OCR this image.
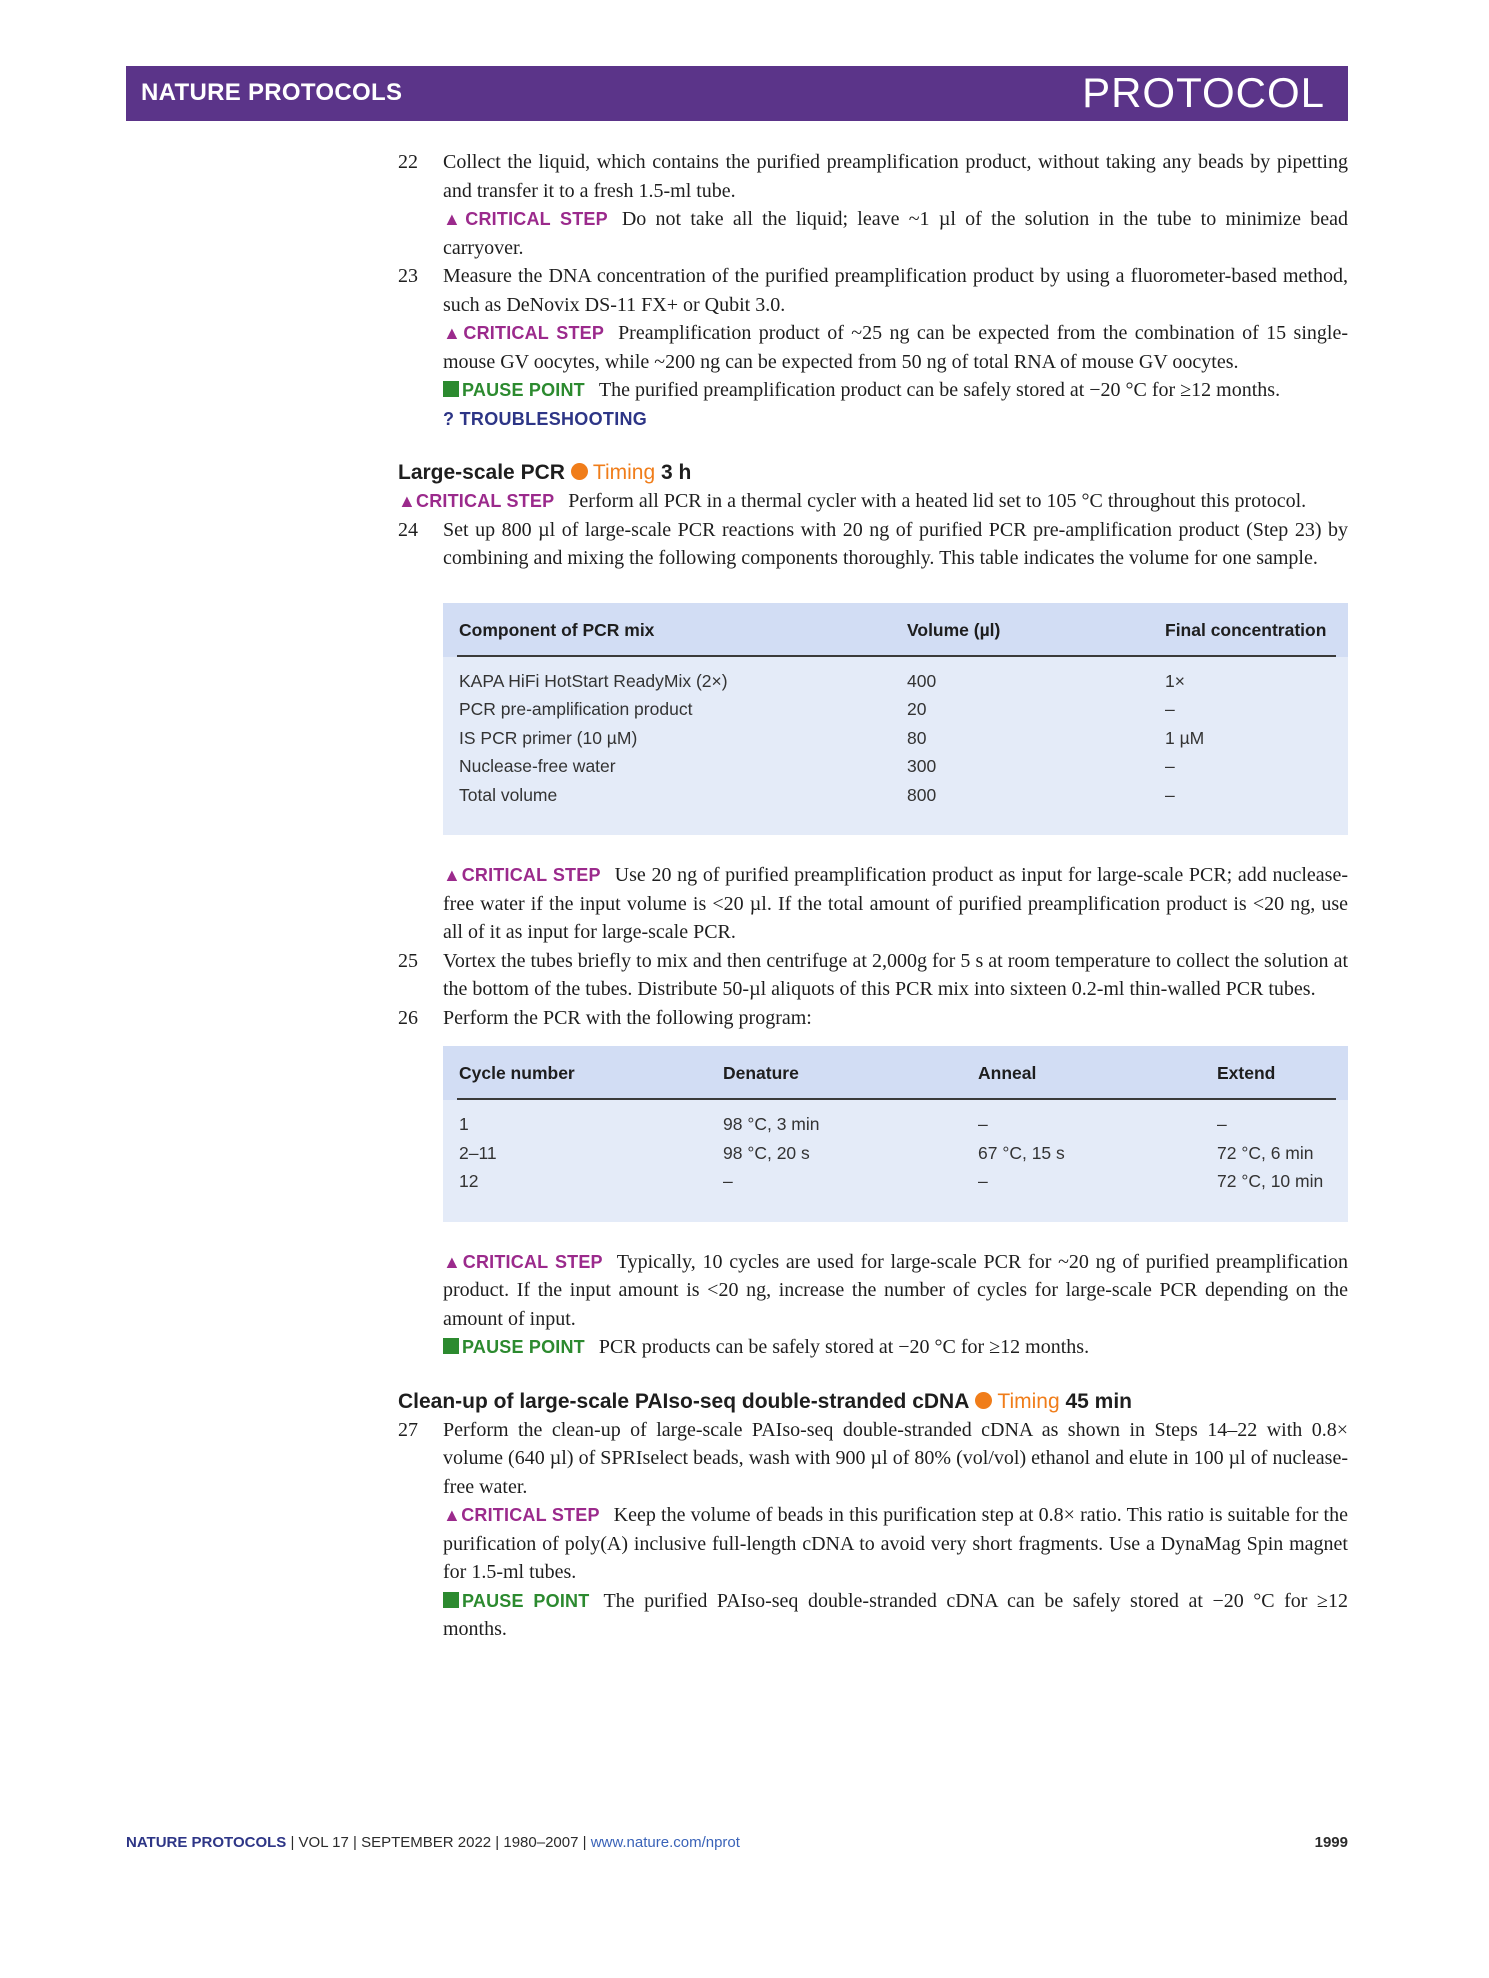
NATURE PROTOCOLS	PROTOCOL
22 Collect the liquid, which contains the purified preamplification product, without taking any beads by pipetting and transfer it to a fresh 1.5-ml tube.
▲CRITICAL STEP Do not take all the liquid; leave ~1 µl of the solution in the tube to minimize bead carryover.
23 Measure the DNA concentration of the purified preamplification product by using a fluorometer-based method, such as DeNovix DS-11 FX+ or Qubit 3.0.
▲CRITICAL STEP Preamplification product of ~25 ng can be expected from the combination of 15 single-mouse GV oocytes, while ~200 ng can be expected from 50 ng of total RNA of mouse GV oocytes.
PAUSE POINT The purified preamplification product can be safely stored at −20 °C for ≥12 months.
? TROUBLESHOOTING
Large-scale PCR Timing 3 h
▲CRITICAL STEP Perform all PCR in a thermal cycler with a heated lid set to 105 °C throughout this protocol.
24 Set up 800 µl of large-scale PCR reactions with 20 ng of purified PCR pre-amplification product (Step 23) by combining and mixing the following components thoroughly. This table indicates the volume for one sample.
Component of PCR mix	Volume (µl)	Final concentration
KAPA HiFi HotStart ReadyMix (2×)	400	1×
PCR pre-amplification product	20	–
IS PCR primer (10 µM)	80	1 µM
Nuclease-free water	300	–
Total volume	800	–
▲CRITICAL STEP Use 20 ng of purified preamplification product as input for large-scale PCR; add nuclease-free water if the input volume is <20 µl. If the total amount of purified preamplification product is <20 ng, use all of it as input for large-scale PCR.
25 Vortex the tubes briefly to mix and then centrifuge at 2,000g for 5 s at room temperature to collect the solution at the bottom of the tubes. Distribute 50-µl aliquots of this PCR mix into sixteen 0.2-ml thin-walled PCR tubes.
26 Perform the PCR with the following program:
Cycle number	Denature	Anneal	Extend
1	98 °C, 3 min	–	–
2–11	98 °C, 20 s	67 °C, 15 s	72 °C, 6 min
12	–	–	72 °C, 10 min
▲CRITICAL STEP Typically, 10 cycles are used for large-scale PCR for ~20 ng of purified preamplification product. If the input amount is <20 ng, increase the number of cycles for large-scale PCR depending on the amount of input.
PAUSE POINT PCR products can be safely stored at −20 °C for ≥12 months.
Clean-up of large-scale PAIso-seq double-stranded cDNA Timing 45 min
27 Perform the clean-up of large-scale PAIso-seq double-stranded cDNA as shown in Steps 14–22 with 0.8× volume (640 µl) of SPRIselect beads, wash with 900 µl of 80% (vol/vol) ethanol and elute in 100 µl of nuclease-free water.
▲CRITICAL STEP Keep the volume of beads in this purification step at 0.8× ratio. This ratio is suitable for the purification of poly(A) inclusive full-length cDNA to avoid very short fragments. Use a DynaMag Spin magnet for 1.5-ml tubes.
PAUSE POINT The purified PAIso-seq double-stranded cDNA can be safely stored at −20 °C for ≥12 months.
NATURE PROTOCOLS | VOL 17 | SEPTEMBER 2022 | 1980–2007 | www.nature.com/nprot	1999
